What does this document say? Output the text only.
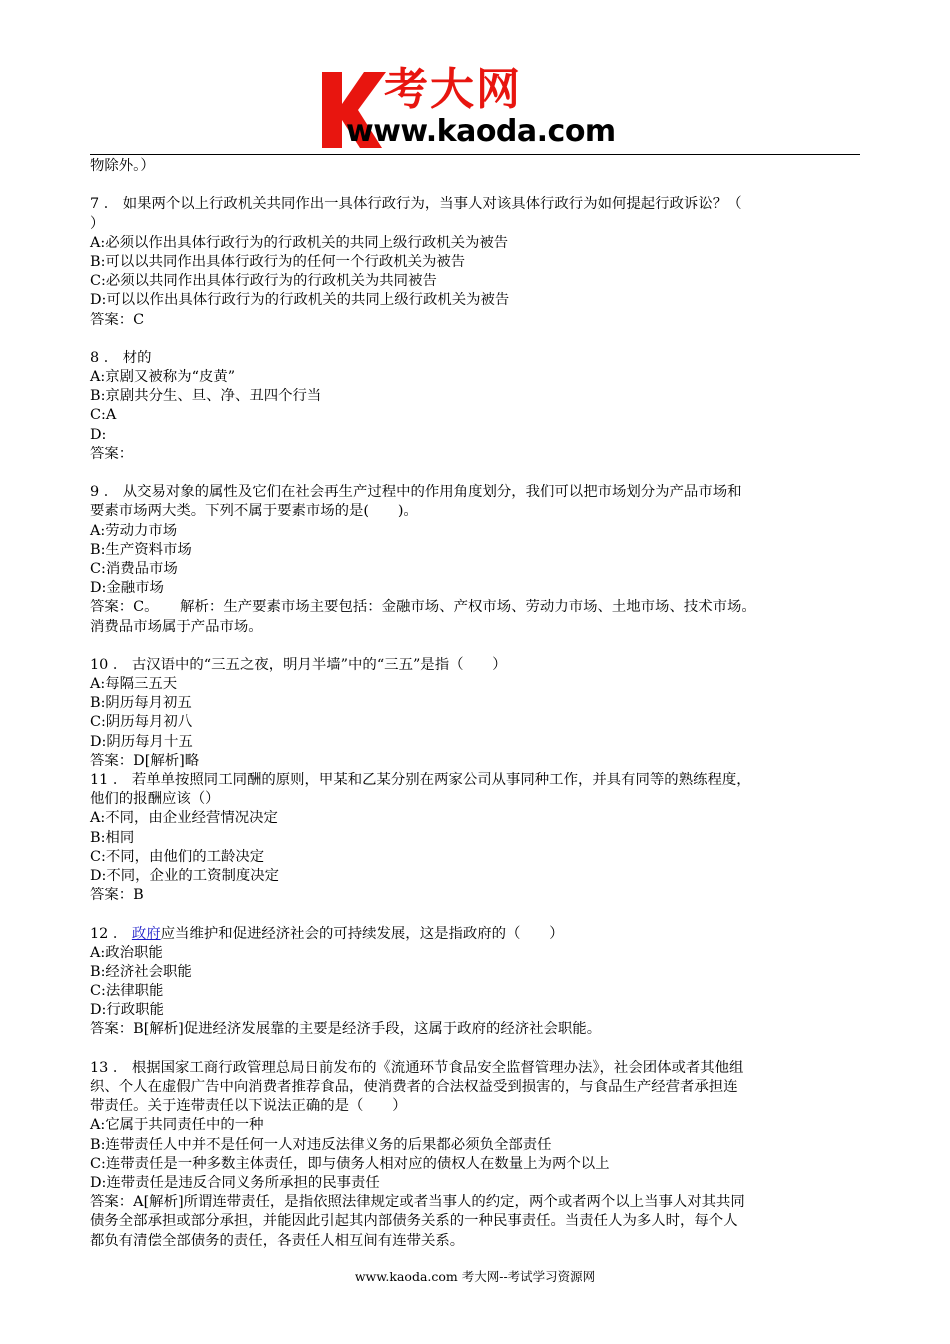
考大网
www.kaoda.com
物除外。）
7 ． 如果两个以上行政机关共同作出一具体行政行为，当事人对该具体行政行为如何提起行政诉讼？（
）
A:必须以作出具体行政行为的行政机关的共同上级行政机关为被告
B:可以以共同作出具体行政行为的任何一个行政机关为被告
C:必须以共同作出具体行政行为的行政机关为共同被告
D:可以以作出具体行政行为的行政机关的共同上级行政机关为被告
答案：C
8 ． 材的
A:京剧又被称为“皮黄”
B:京剧共分生、旦、净、丑四个行当
C:A
D:
答案：
9 ． 从交易对象的属性及它们在社会再生产过程中的作用角度划分，我们可以把市场划分为产品市场和
要素市场两大类。下列不属于要素市场的是(　　)。
A:劳动力市场
B:生产资料市场
C:消费品市场
D:金融市场
答案：C。　　解析：生产要素市场主要包括：金融市场、产权市场、劳动力市场、土地市场、技术市场。
消费品市场属于产品市场。
10 ． 古汉语中的“三五之夜，明月半墙”中的“三五”是指（　　）
A:每隔三五天
B:阴历每月初五
C:阴历每月初八
D:阴历每月十五
答案：D[解析]略
11 ． 若单单按照同工同酬的原则，甲某和乙某分别在两家公司从事同种工作，并具有同等的熟练程度，
他们的报酬应该（）
A:不同，由企业经营情况决定
B:相同
C:不同，由他们的工龄决定
D:不同，企业的工资制度决定
答案：B
12 ． 政府应当维护和促进经济社会的可持续发展，这是指政府的（　　）
A:政治职能
B:经济社会职能
C:法律职能
D:行政职能
答案：B[解析]促进经济发展靠的主要是经济手段，这属于政府的经济社会职能。
13 ． 根据国家工商行政管理总局日前发布的《流通环节食品安全监督管理办法》，社会团体或者其他组
织、个人在虚假广告中向消费者推荐食品，使消费者的合法权益受到损害的，与食品生产经营者承担连
带责任。关于连带责任以下说法正确的是（　　）
A:它属于共同责任中的一种
B:连带责任人中并不是任何一人对违反法律义务的后果都必须负全部责任
C:连带责任是一种多数主体责任，即与债务人相对应的债权人在数量上为两个以上
D:连带责任是违反合同义务所承担的民事责任
答案：A[解析]所谓连带责任，是指依照法律规定或者当事人的约定，两个或者两个以上当事人对其共同
债务全部承担或部分承担，并能因此引起其内部债务关系的一种民事责任。当责任人为多人时，每个人
都负有清偿全部债务的责任，各责任人相互间有连带关系。
www.kaoda.com 考大网--考试学习资源网
